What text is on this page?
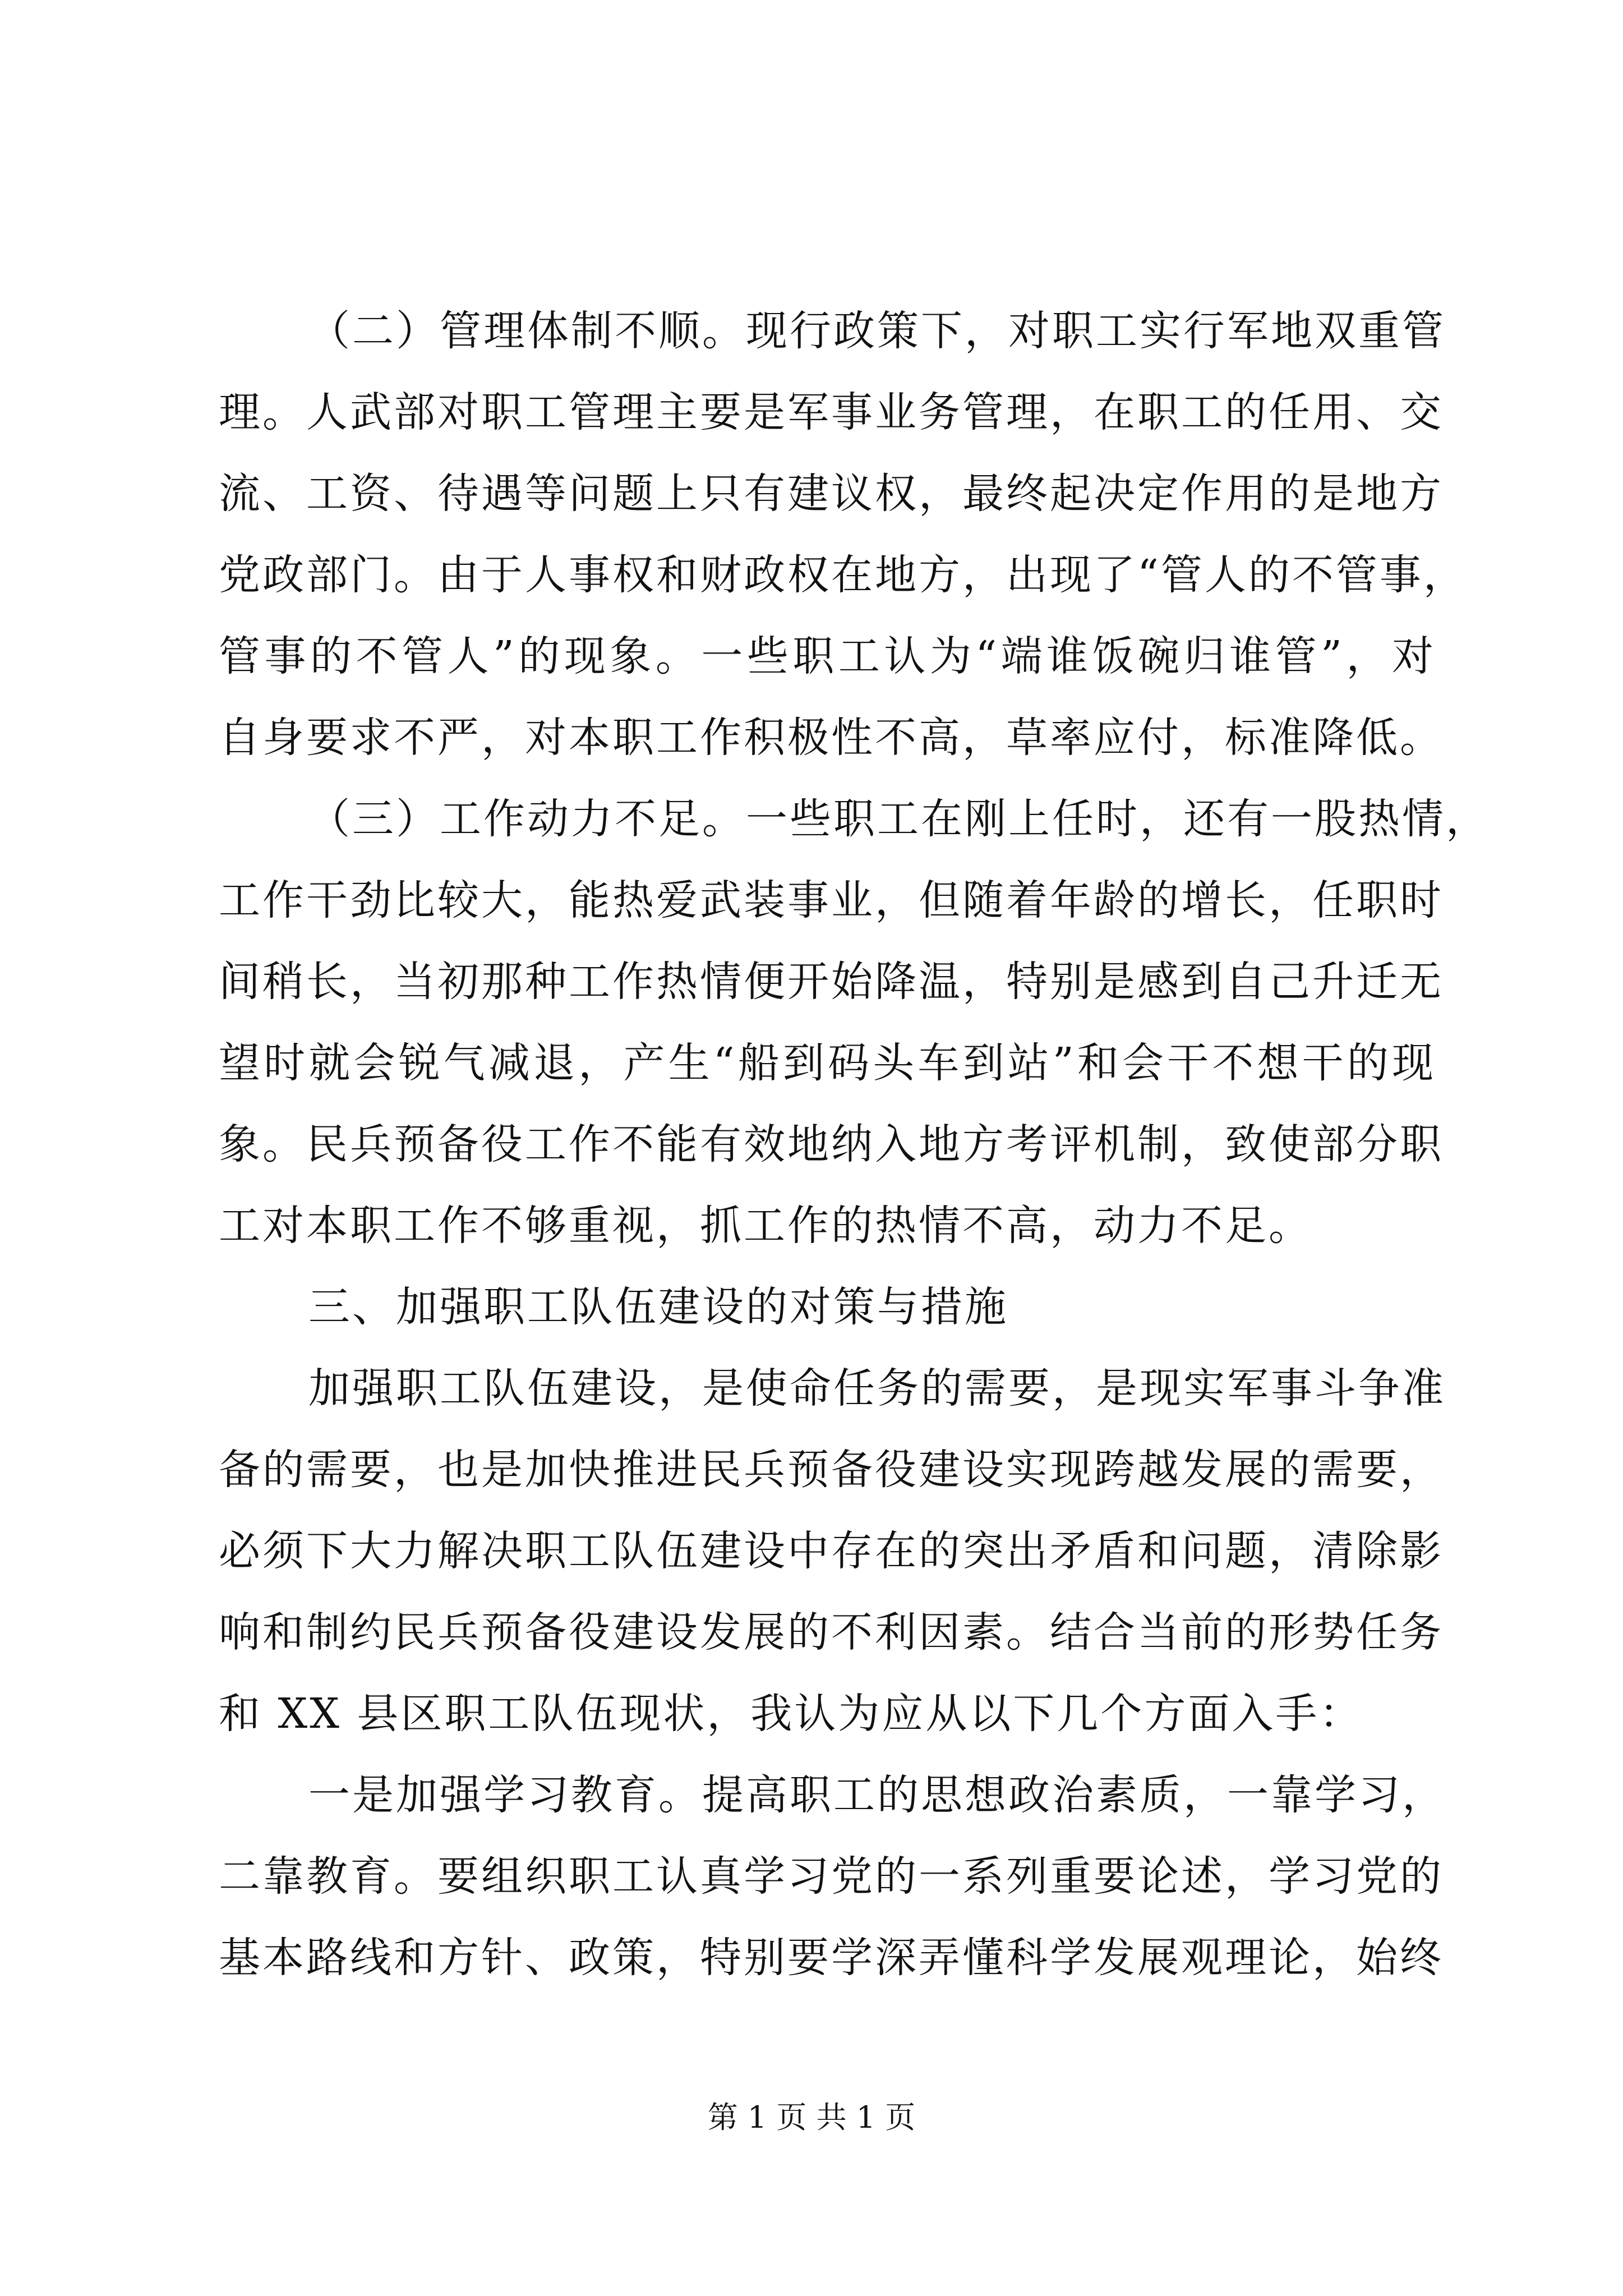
（二）管理体制不顺。现行政策下，对职工实行军地双重管
理。人武部对职工管理主要是军事业务管理，在职工的任用、交
流、工资、待遇等问题上只有建议权，最终起决定作用的是地方
党政部门。由于人事权和财政权在地方，出现了“管人的不管事，
管事的不管人”的现象。一些职工认为“端谁饭碗归谁管”，对
自身要求不严，对本职工作积极性不高，草率应付，标准降低。
（三）工作动力不足。一些职工在刚上任时，还有一股热情，
工作干劲比较大，能热爱武装事业，但随着年龄的增长，任职时
间稍长，当初那种工作热情便开始降温，特别是感到自己升迁无
望时就会锐气减退，产生“船到码头车到站”和会干不想干的现
象。民兵预备役工作不能有效地纳入地方考评机制，致使部分职
工对本职工作不够重视，抓工作的热情不高，动力不足。
三、加强职工队伍建设的对策与措施
加强职工队伍建设，是使命任务的需要，是现实军事斗争准
备的需要，也是加快推进民兵预备役建设实现跨越发展的需要，
必须下大力解决职工队伍建设中存在的突出矛盾和问题，清除影
响和制约民兵预备役建设发展的不利因素。结合当前的形势任务
和 XX 县区职工队伍现状，我认为应从以下几个方面入手：
一是加强学习教育。提高职工的思想政治素质，一靠学习，
二靠教育。要组织职工认真学习党的一系列重要论述，学习党的
基本路线和方针、政策，特别要学深弄懂科学发展观理论，始终
第 1 页 共 1 页
